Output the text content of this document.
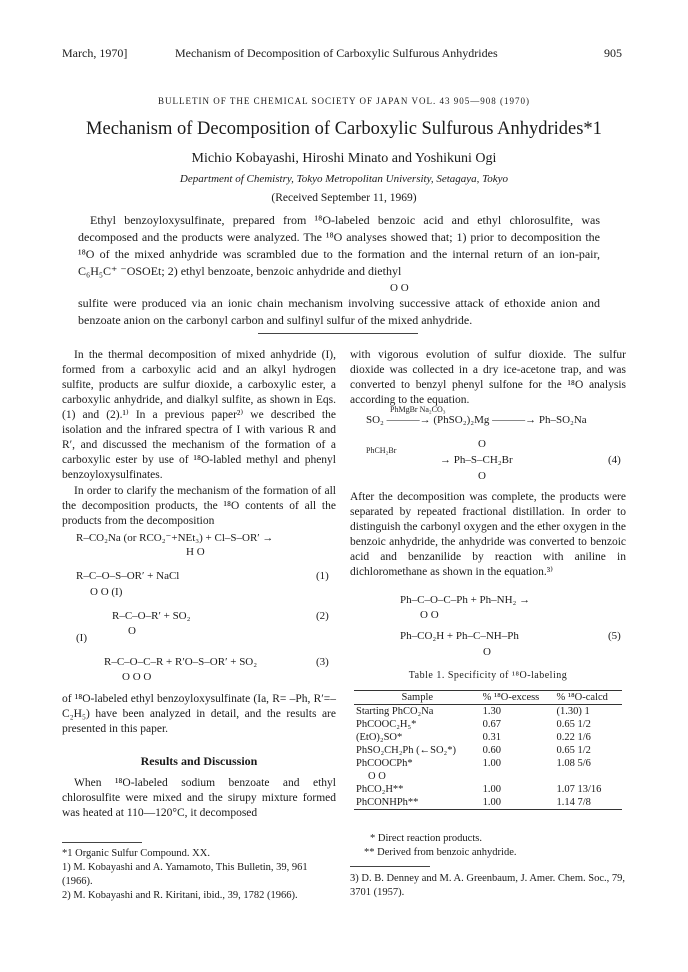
March, 1970]	Mechanism of Decomposition of Carboxylic Sulfurous Anhydrides	905
BULLETIN OF THE CHEMICAL SOCIETY OF JAPAN VOL. 43 905—908 (1970)
Mechanism of Decomposition of Carboxylic Sulfurous Anhydrides*1
Michio Kobayashi, Hiroshi Minato and Yoshikuni Ogi
Department of Chemistry, Tokyo Metropolitan University, Setagaya, Tokyo
(Received September 11, 1969)

Ethyl benzoyloxysulfinate, prepared from ¹⁸O-labeled benzoic acid and ethyl chlorosulfite, was decomposed and the products were analyzed. The ¹⁸O analyses showed that; 1) prior to decomposition the ¹⁸O of the mixed anhydride was scrambled due to the formation and the internal return of an ion-pair, C₆H₅C⁺ ⁻OSOEt; 2) ethyl benzoate, benzoic anhydride and diethyl

O O

sulfite were produced via an ionic chain mechanism involving successive attack of ethoxide anion and benzoate anion on the carbonyl carbon and sulfinyl sulfur of the mixed anhydride.

In the thermal decomposition of mixed anhydride (I), formed from a carboxylic acid and an alkyl hydrogen sulfite, products are sulfur dioxide, a carboxylic ester, a carboxylic anhydride, and dialkyl sulfite, as shown in Eqs. (1) and (2).¹⁾ In a previous paper²⁾ we described the isolation and the infrared spectra of I with various R and R′, and discussed the mechanism of the formation of a carboxylic ester by use of ¹⁸O-labled methyl and phenyl benzoyloxysulfinates.

In order to clarify the mechanism of the formation of all the decomposition products, the ¹⁸O contents of all the products from the decomposition

R–CO₂Na (or RCO₂⁻+NEt₃) + Cl–S–OR′ →
H O
R–C–O–S–OR′ + NaCl	(1)
O O (I)
R–C–O–R′ + SO₂	(2)
O
(I)
R–C–O–C–R + R′O–S–OR′ + SO₂	(3)
O O O

of ¹⁸O-labeled ethyl benzoyloxysulfinate (Ia, R= –Ph, R′=–C₂H₅) have been analyzed in detail, and the results are presented in this paper.

Results and Discussion

When ¹⁸O-labeled sodium benzoate and ethyl chlorosulfite were mixed and the sirupy mixture formed was heated at 110—120°C, it decomposed

*1 Organic Sulfur Compound. XX.

1) M. Kobayashi and A. Yamamoto, This Bulletin, 39, 961 (1966).

2) M. Kobayashi and R. Kiritani, ibid., 39, 1782 (1966).

with vigorous evolution of sulfur dioxide. The sulfur dioxide was collected in a dry ice-acetone trap, and was converted to benzyl phenyl sulfone for the ¹⁸O analysis according to the equation.

PhMgBr Na₂CO₃
SO₂ ———→ (PhSO₂)₂Mg ———→ Ph–SO₂Na
O
PhCH₂Br
→ Ph–S–CH₂Br	(4)
O

After the decomposition was complete, the products were separated by repeated fractional distillation. In order to distinguish the carbonyl oxygen and the ether oxygen in the benzoic anhydride, the anhydride was converted to benzoic acid and benzanilide by reaction with aniline in dichloromethane as shown in the equation.³⁾

Ph–C–O–C–Ph + Ph–NH₂ →
O O
Ph–CO₂H + Ph–C–NH–Ph	(5)
O
Table 1. Specificity of ¹⁸O-labeling
Sample	% ¹⁸O-excess	% ¹⁸O-calcd
Starting PhCO₂Na	1.30	(1.30) 1
PhCOOC₂H₅*	0.67	0.65 1/2
(EtO)₂SO*	0.31	0.22 1/6
PhSO₂CH₂Ph (←SO₂*)	0.60	0.65 1/2
PhCOOCPh*	1.00	1.08 5/6
O O		
PhCO₂H**	1.00	1.07 13/16
PhCONHPh**	1.00	1.14 7/8
* Direct reaction products.
** Derived from benzoic anhydride.

3) D. B. Denney and M. A. Greenbaum, J. Amer. Chem. Soc., 79, 3701 (1957).
